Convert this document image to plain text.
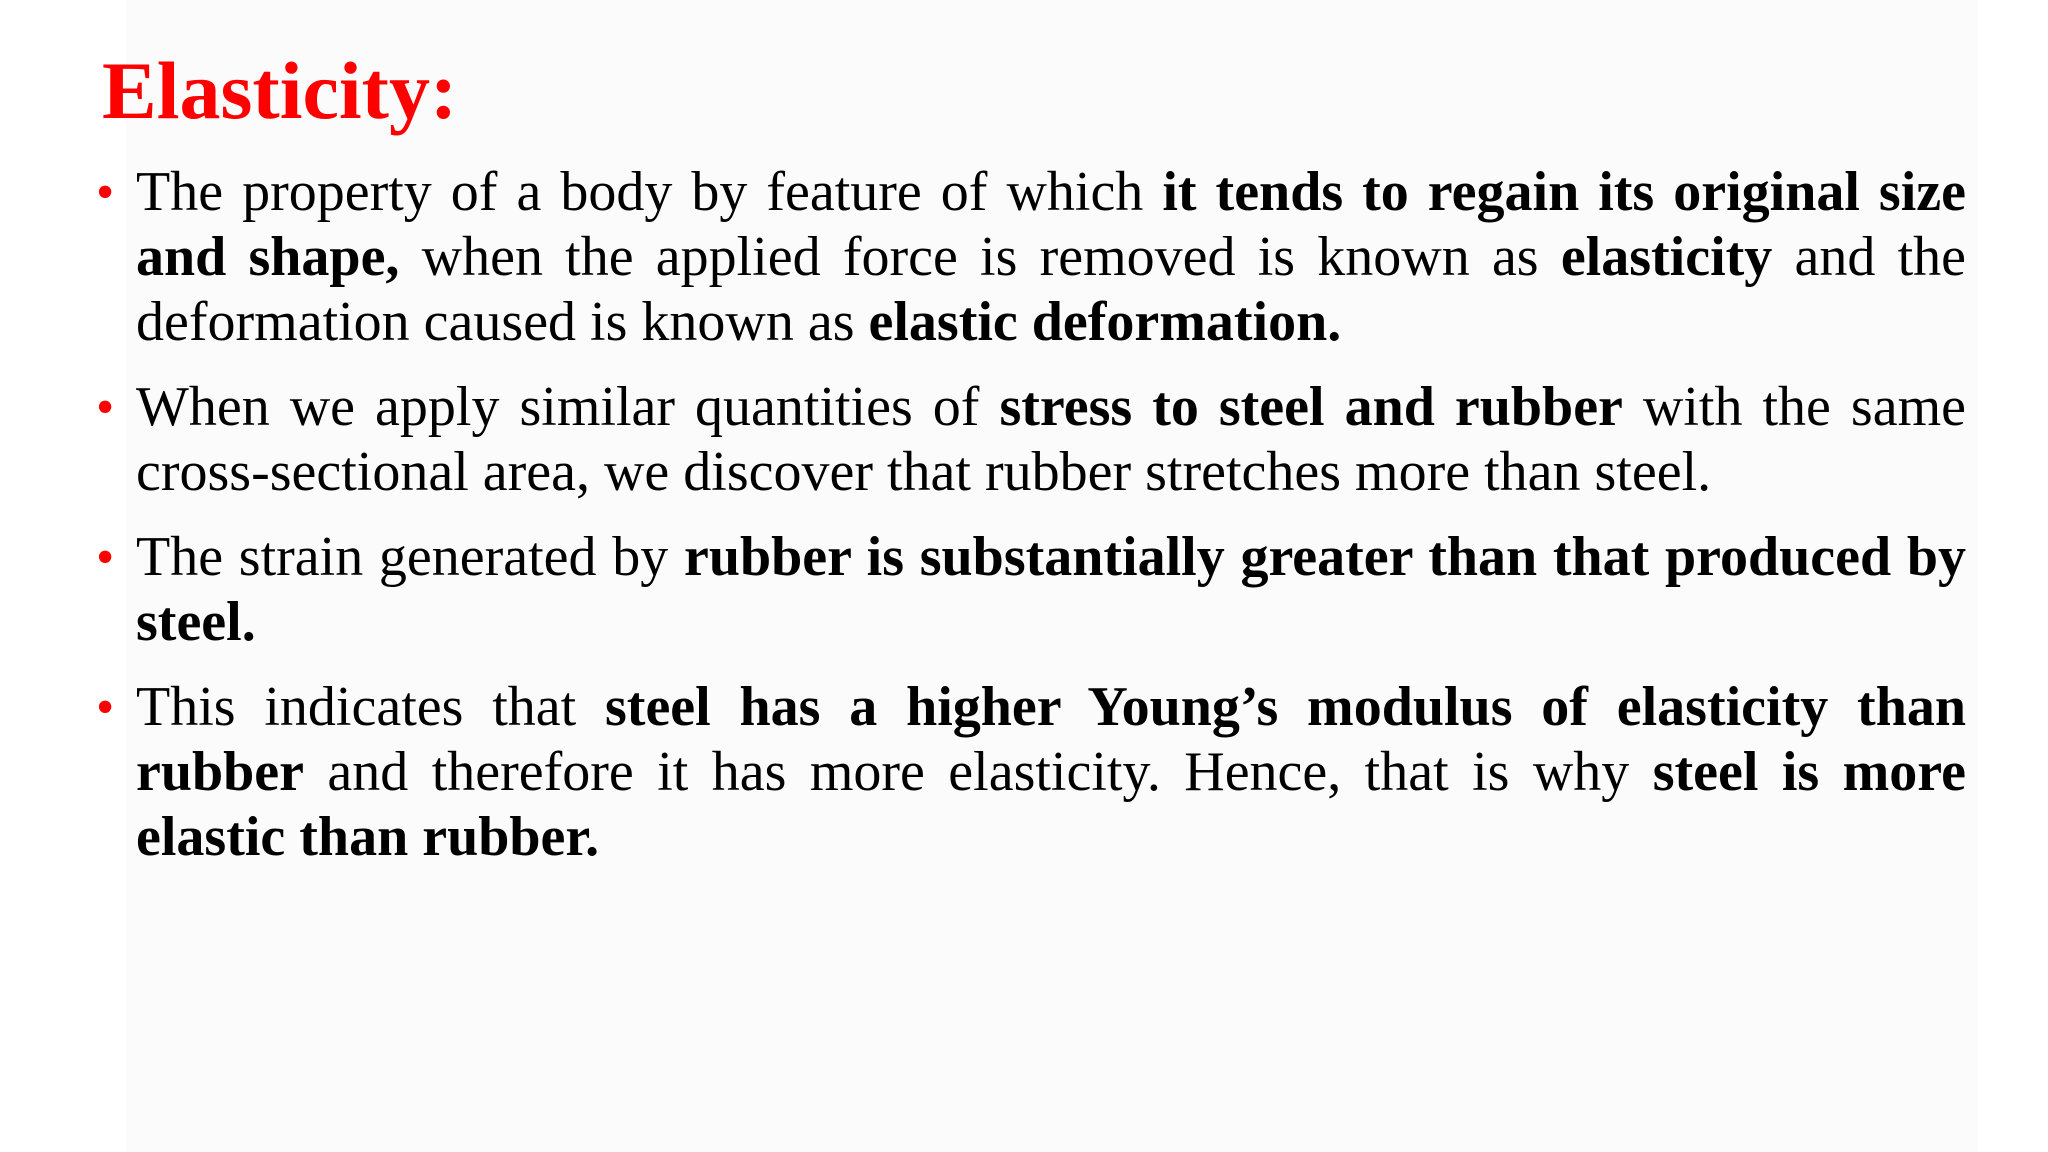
Elasticity:
• The property of a body by feature of which it tends to regain its original size and shape, when the applied force is removed is known as elasticity and the deformation caused is known as elastic deformation.
• When we apply similar quantities of stress to steel and rubber with the same cross-sectional area, we discover that rubber stretches more than steel.
• The strain generated by rubber is substantially greater than that produced by steel.
• This indicates that steel has a higher Young’s modulus of elasticity than rubber and therefore it has more elasticity. Hence, that is why steel is more elastic than rubber.
